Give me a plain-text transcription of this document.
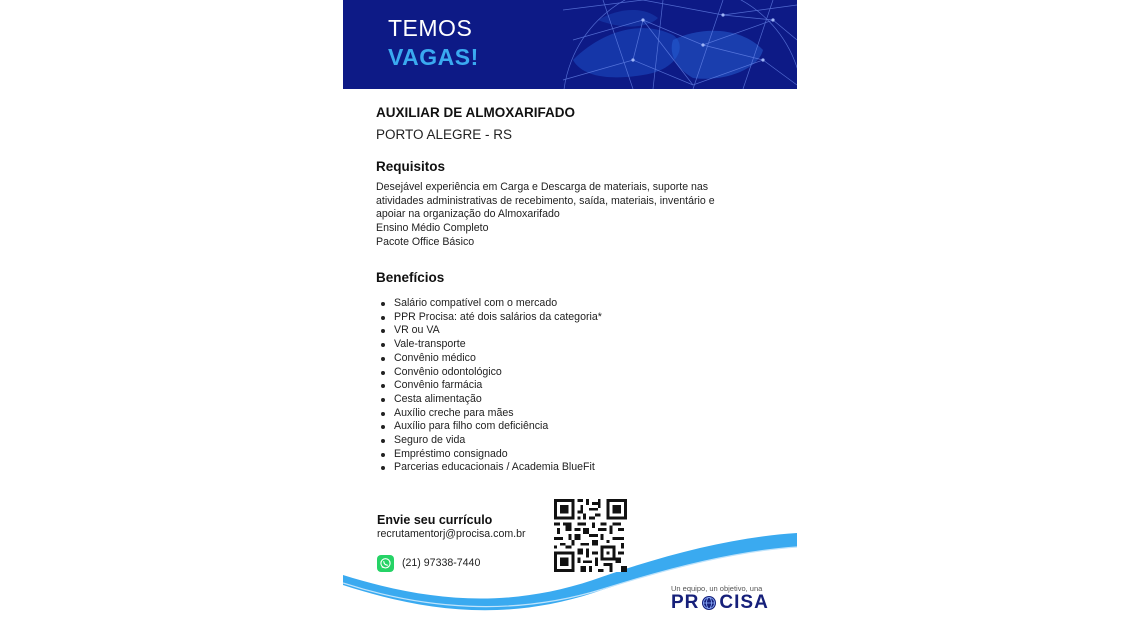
TEMOS
VAGAS!
AUXILIAR DE ALMOXARIFADO
PORTO ALEGRE - RS
Requisitos
Desejável experiência em Carga e Descarga de materiais, suporte nas
atividades administrativas de recebimento, saída, materiais, inventário e
apoiar na organização do Almoxarifado
Ensino Médio Completo
Pacote Office Básico
Benefícios
Salário compatível com o mercado
PPR Procisa: até dois salários da categoria*
VR ou VA
Vale-transporte
Convênio médico
Convênio odontológico
Convênio farmácia
Cesta alimentação
Auxílio creche para mães
Auxílio para filho com deficiência
Seguro de vida
Empréstimo consignado
Parcerias educacionais / Academia BlueFit
Envie seu currículo
recrutamentorj@procisa.com.br
(21) 97338-7440
Un equipo, un objetivo, una
PR CISA
